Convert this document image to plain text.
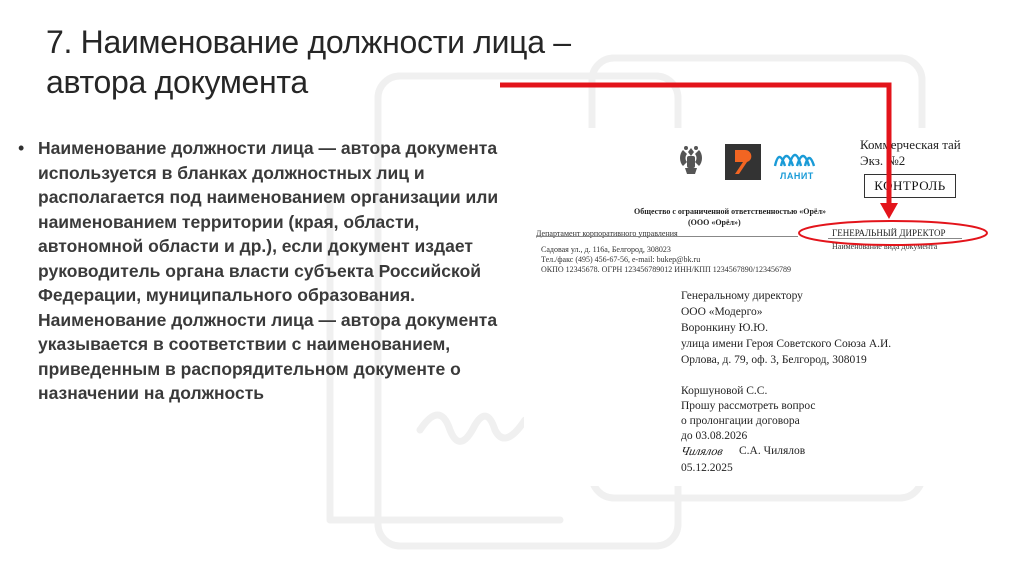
7. Наименование должности лица –
автора документа
• Наименование должности лица — автора документа
используется в бланках должностных лиц и
располагается под наименованием организации или
наименованием территории (края, области,
автономной области и др.), если документ издает
руководитель органа власти субъекта Российской
Федерации, муниципального образования.
Наименование должности лица — автора документа
указывается в соответствии с наименованием,
приведенным в распорядительном документе о
назначении на должность
ЛАНИТ
Коммерческая тай
Экз. №2
КОНТРОЛЬ
Общество с ограниченной ответственностью «Орёл»
(ООО «Орёл»)
Департамент корпоративного управления
Садовая ул., д. 116а, Белгород, 308023
Тел./факс (495) 456-67-56, e-mail: bukep@bk.ru
ОКПО 12345678. ОГРН 123456789012 ИНН/КПП 1234567890/123456789
ГЕНЕРАЛЬНЫЙ ДИРЕКТОР
Наименование вида документа
Генеральному директору
ООО «Модерго»
Воронкину Ю.Ю.
улица имени Героя Советского Союза А.И.
Орлова, д. 79, оф. 3, Белгород, 308019
Коршуновой С.С.
Прошу рассмотреть вопрос
о пролонгации договора
до 03.08.2026
Чилялов С.А. Чилялов
05.12.2025
